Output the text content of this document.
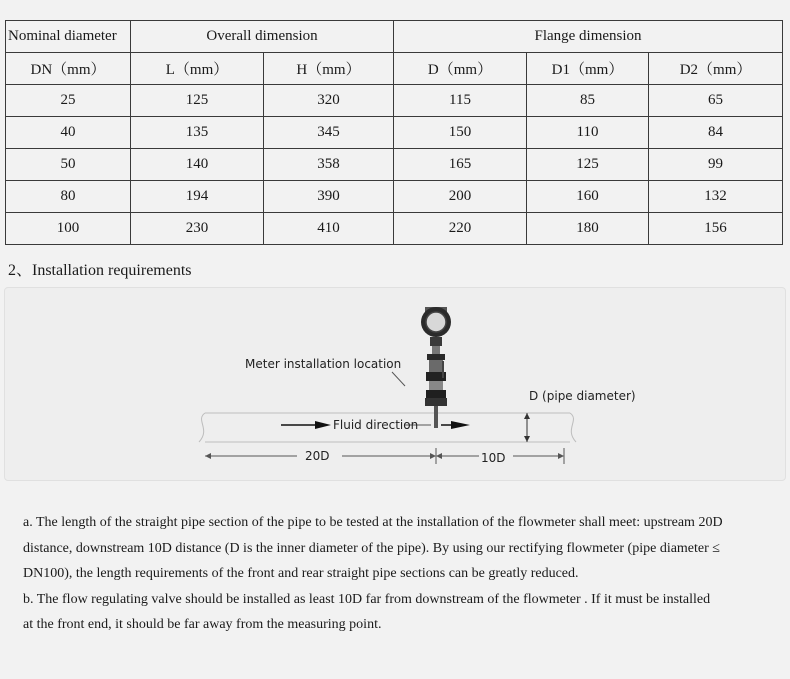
Nominal diameter	Overall dimension		Flange dimension		
DN（mm）	L（mm）	H（mm）	D（mm）	D1（mm）	D2（mm）
25	125	320	115	85	65
40	135	345	150	110	84
50	140	358	165	125	99
80	194	390	200	160	132
100	230	410	220	180	156
2、Installation requirements
Meter installation location
D (pipe diameter)
Fluid direction
20D	10D

a. The length of the straight pipe section of the pipe to be tested at the installation of the flowmeter shall meet: upstream 20D distance, downstream 10D distance (D is the inner diameter of the pipe). By using our rectifying flowmeter (pipe diameter ≤ DN100), the length requirements of the front and rear straight pipe sections can be greatly reduced.

b. The flow regulating valve should be installed as least 10D far from downstream of the flowmeter . If it must be installed at the front end, it should be far away from the measuring point.
